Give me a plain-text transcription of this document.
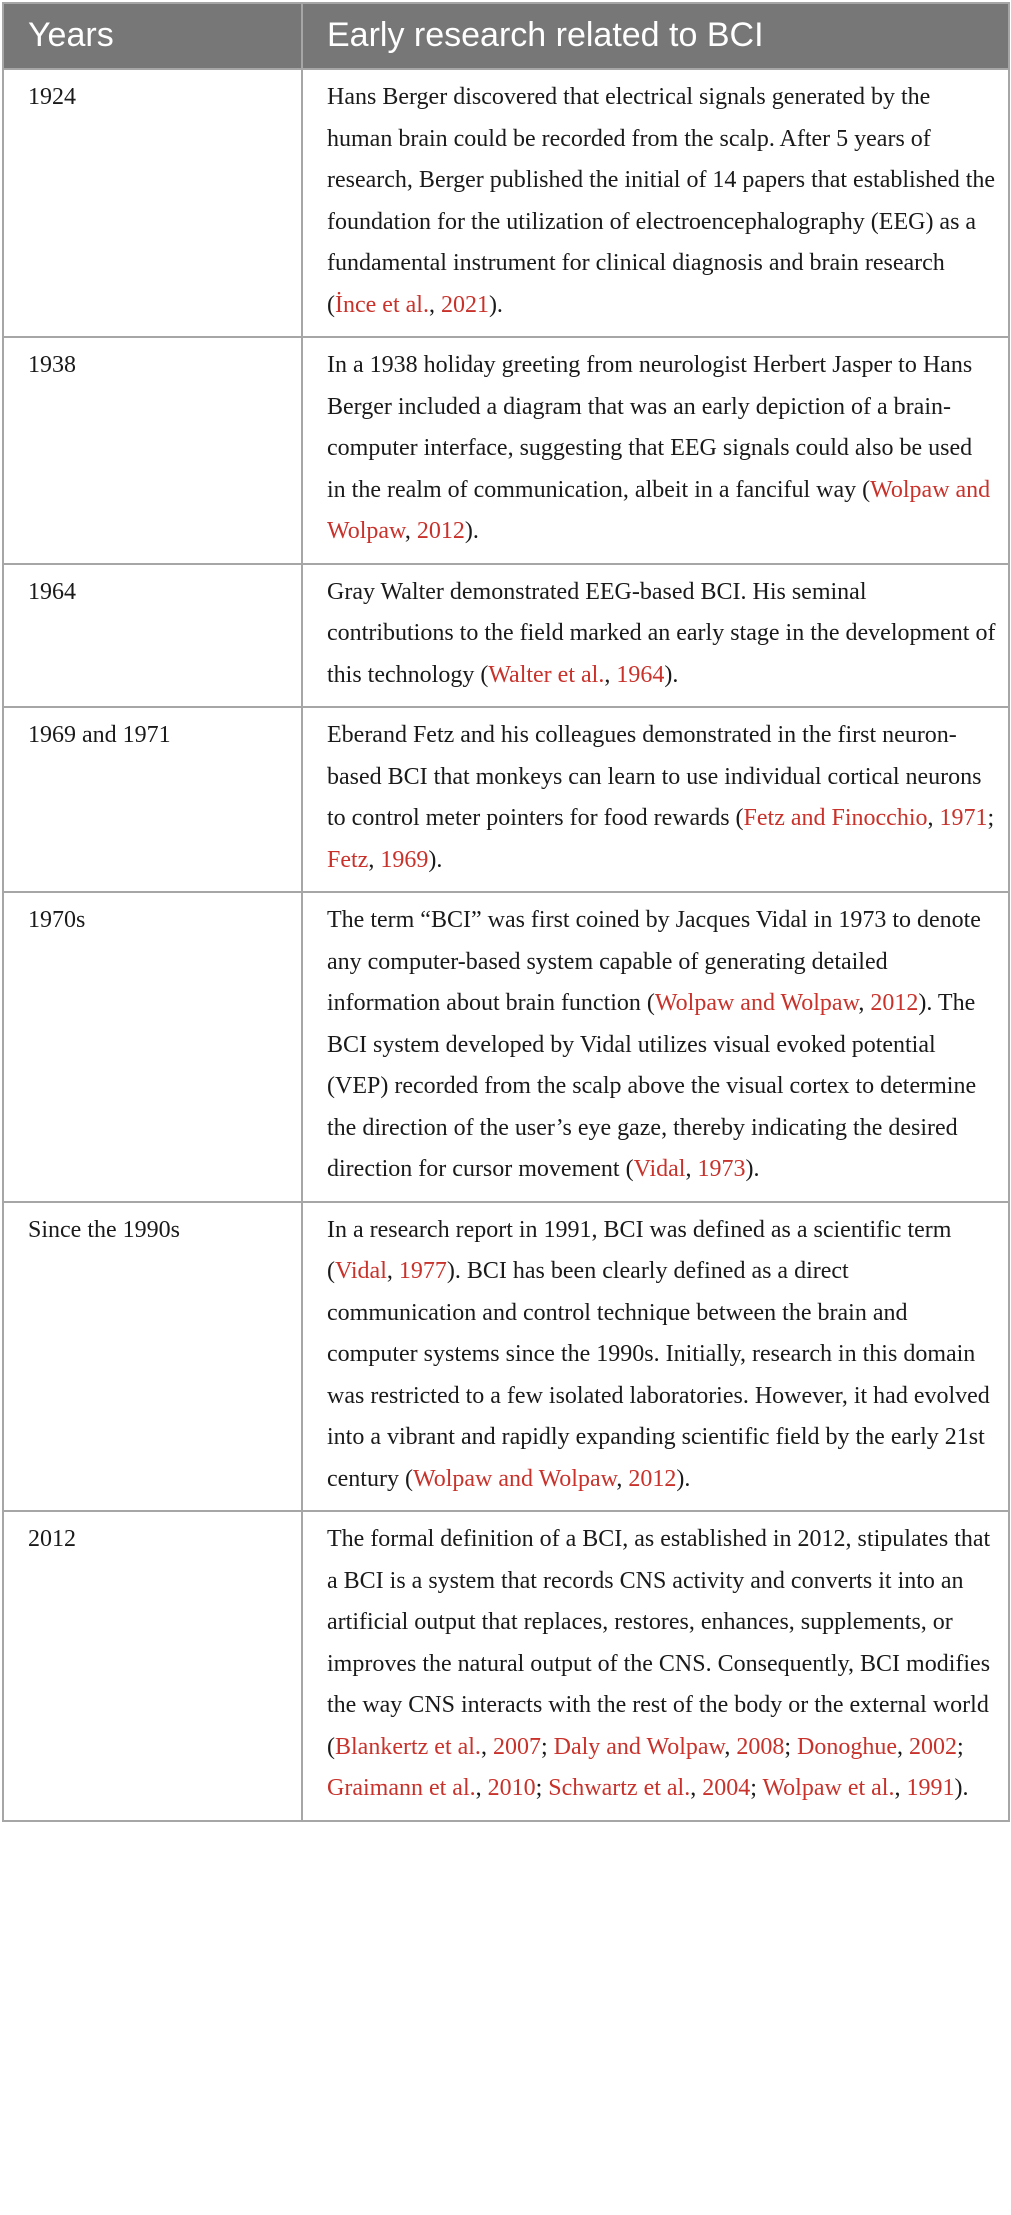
Years	Early research related to BCI
1924	Hans Berger discovered that electrical signals generated by the human brain could be recorded from the scalp. After 5 years of research, Berger published the initial of 14 papers that established the foundation for the utilization of electroencephalography (EEG) as a fundamental instrument for clinical diagnosis and brain research (İnce et al., 2021).
1938	In a 1938 holiday greeting from neurologist Herbert Jasper to Hans Berger included a diagram that was an early depiction of a brain-computer interface, suggesting that EEG signals could also be used in the realm of communication, albeit in a fanciful way (Wolpaw and Wolpaw, 2012).
1964	Gray Walter demonstrated EEG-based BCI. His seminal contributions to the field marked an early stage in the development of this technology (Walter et al., 1964).
1969 and 1971	Eberand Fetz and his colleagues demonstrated in the first neuron-based BCI that monkeys can learn to use individual cortical neurons to control meter pointers for food rewards (Fetz and Finocchio, 1971; Fetz, 1969).
1970s	The term “BCI” was first coined by Jacques Vidal in 1973 to denote any computer-based system capable of generating detailed information about brain function (Wolpaw and Wolpaw, 2012). The BCI system developed by Vidal utilizes visual evoked potential (VEP) recorded from the scalp above the visual cortex to determine the direction of the user’s eye gaze, thereby indicating the desired direction for cursor movement (Vidal, 1973).
Since the 1990s	In a research report in 1991, BCI was defined as a scientific term (Vidal, 1977). BCI has been clearly defined as a direct communication and control technique between the brain and computer systems since the 1990s. Initially, research in this domain was restricted to a few isolated laboratories. However, it had evolved into a vibrant and rapidly expanding scientific field by the early 21st century (Wolpaw and Wolpaw, 2012).
2012	The formal definition of a BCI, as established in 2012, stipulates that a BCI is a system that records CNS activity and converts it into an artificial output that replaces, restores, enhances, supplements, or improves the natural output of the CNS. Consequently, BCI modifies the way CNS interacts with the rest of the body or the external world (Blankertz et al., 2007; Daly and Wolpaw, 2008; Donoghue, 2002; Graimann et al., 2010; Schwartz et al., 2004; Wolpaw et al., 1991).
